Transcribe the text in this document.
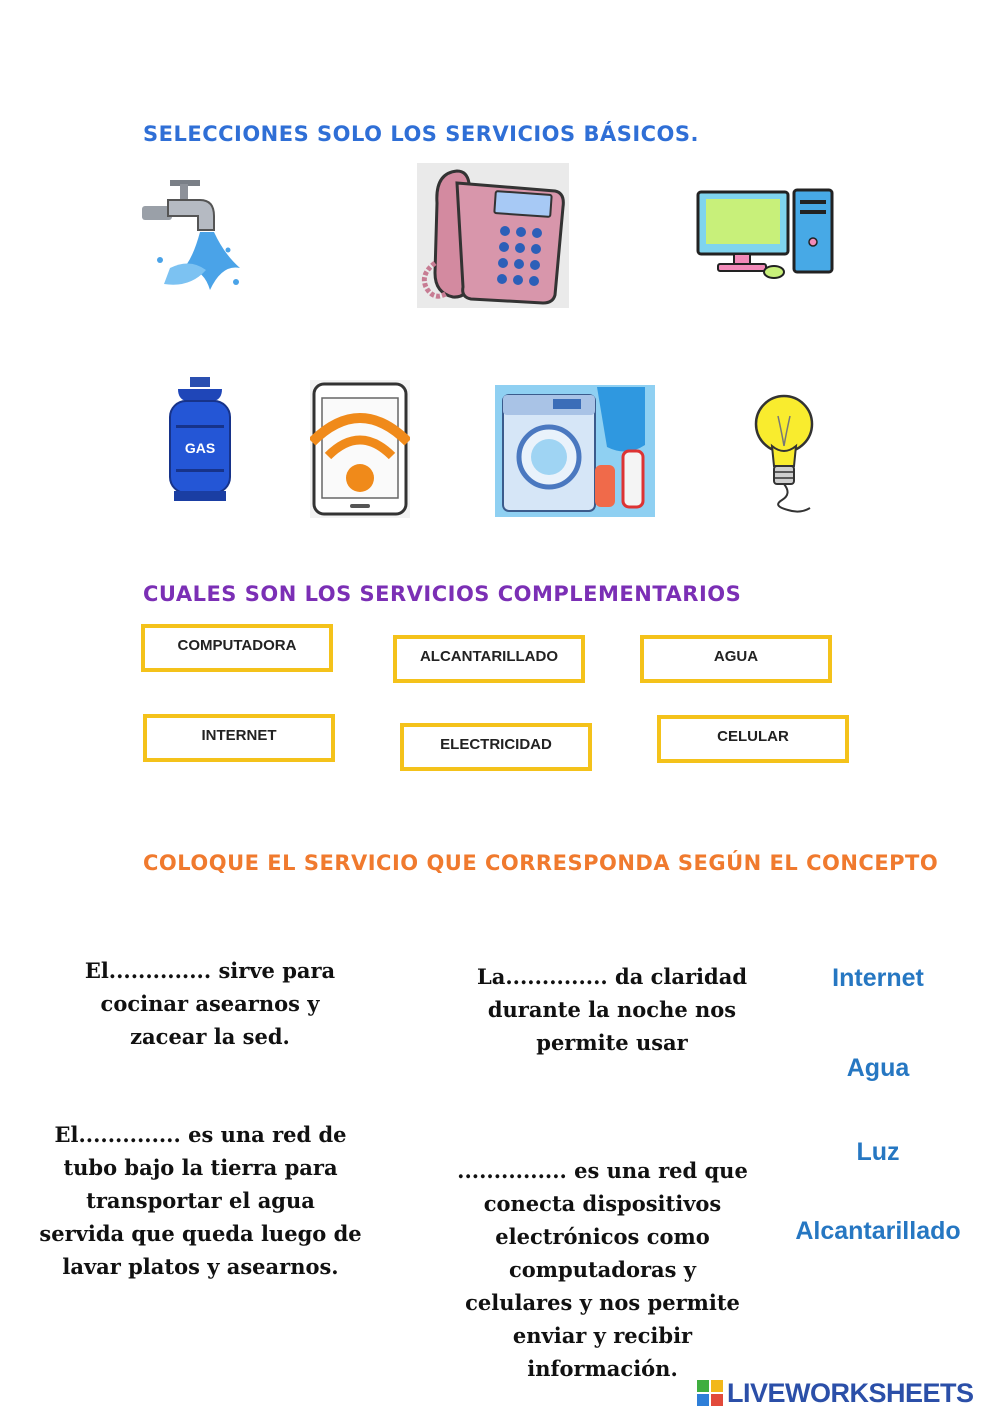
SELECCIONES SOLO LOS SERVICIOS BÁSICOS.
CUALES SON LOS SERVICIOS COMPLEMENTARIOS
COLOQUE EL SERVICIO QUE CORRESPONDA SEGÚN EL CONCEPTO
GAS
COMPUTADORA
ALCANTARILLADO	AGUA
INTERNET
ELECTRICIDAD	CELULAR
El.............. sirve para
cocinar asearnos y
zacear la sed.
La.............. da claridad
durante la noche nos
permite usar
El.............. es una red de
tubo bajo la tierra para
transportar el agua
servida que queda luego de
lavar platos y asearnos.
............... es una red que
conecta dispositivos
electrónicos como
computadoras y
celulares y nos permite
enviar y recibir
información.
Internet
Agua
Luz
Alcantarillado
LIVEWORKSHEETS
